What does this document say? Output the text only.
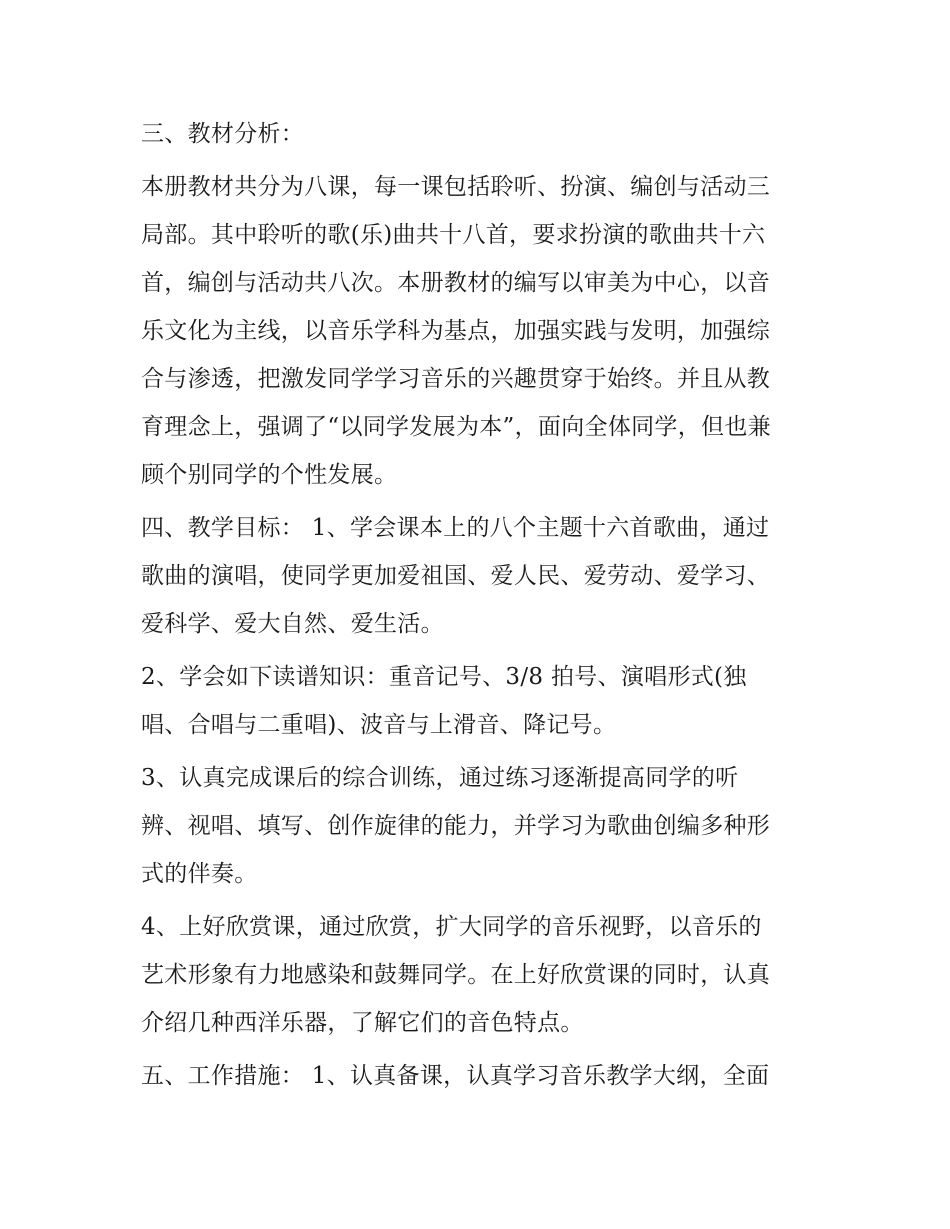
三、教材分析：
本册教材共分为八课，每一课包括聆听、扮演、编创与活动三
局部。其中聆听的歌(乐)曲共十八首，要求扮演的歌曲共十六
首，编创与活动共八次。本册教材的编写以审美为中心，以音
乐文化为主线，以音乐学科为基点，加强实践与发明，加强综
合与渗透，把激发同学学习音乐的兴趣贯穿于始终。并且从教
育理念上，强调了“以同学发展为本”，面向全体同学，但也兼
顾个别同学的个性发展。
四、教学目标： 1、学会课本上的八个主题十六首歌曲，通过
歌曲的演唱，使同学更加爱祖国、爱人民、爱劳动、爱学习、
爱科学、爱大自然、爱生活。
2、学会如下读谱知识：重音记号、3/8 拍号、演唱形式(独
唱、合唱与二重唱)、波音与上滑音、降记号。
3、认真完成课后的综合训练，通过练习逐渐提高同学的听
辨、视唱、填写、创作旋律的能力，并学习为歌曲创编多种形
式的伴奏。
4、上好欣赏课，通过欣赏，扩大同学的音乐视野，以音乐的
艺术形象有力地感染和鼓舞同学。在上好欣赏课的同时，认真
介绍几种西洋乐器，了解它们的音色特点。
五、工作措施： 1、认真备课，认真学习音乐教学大纲，全面
